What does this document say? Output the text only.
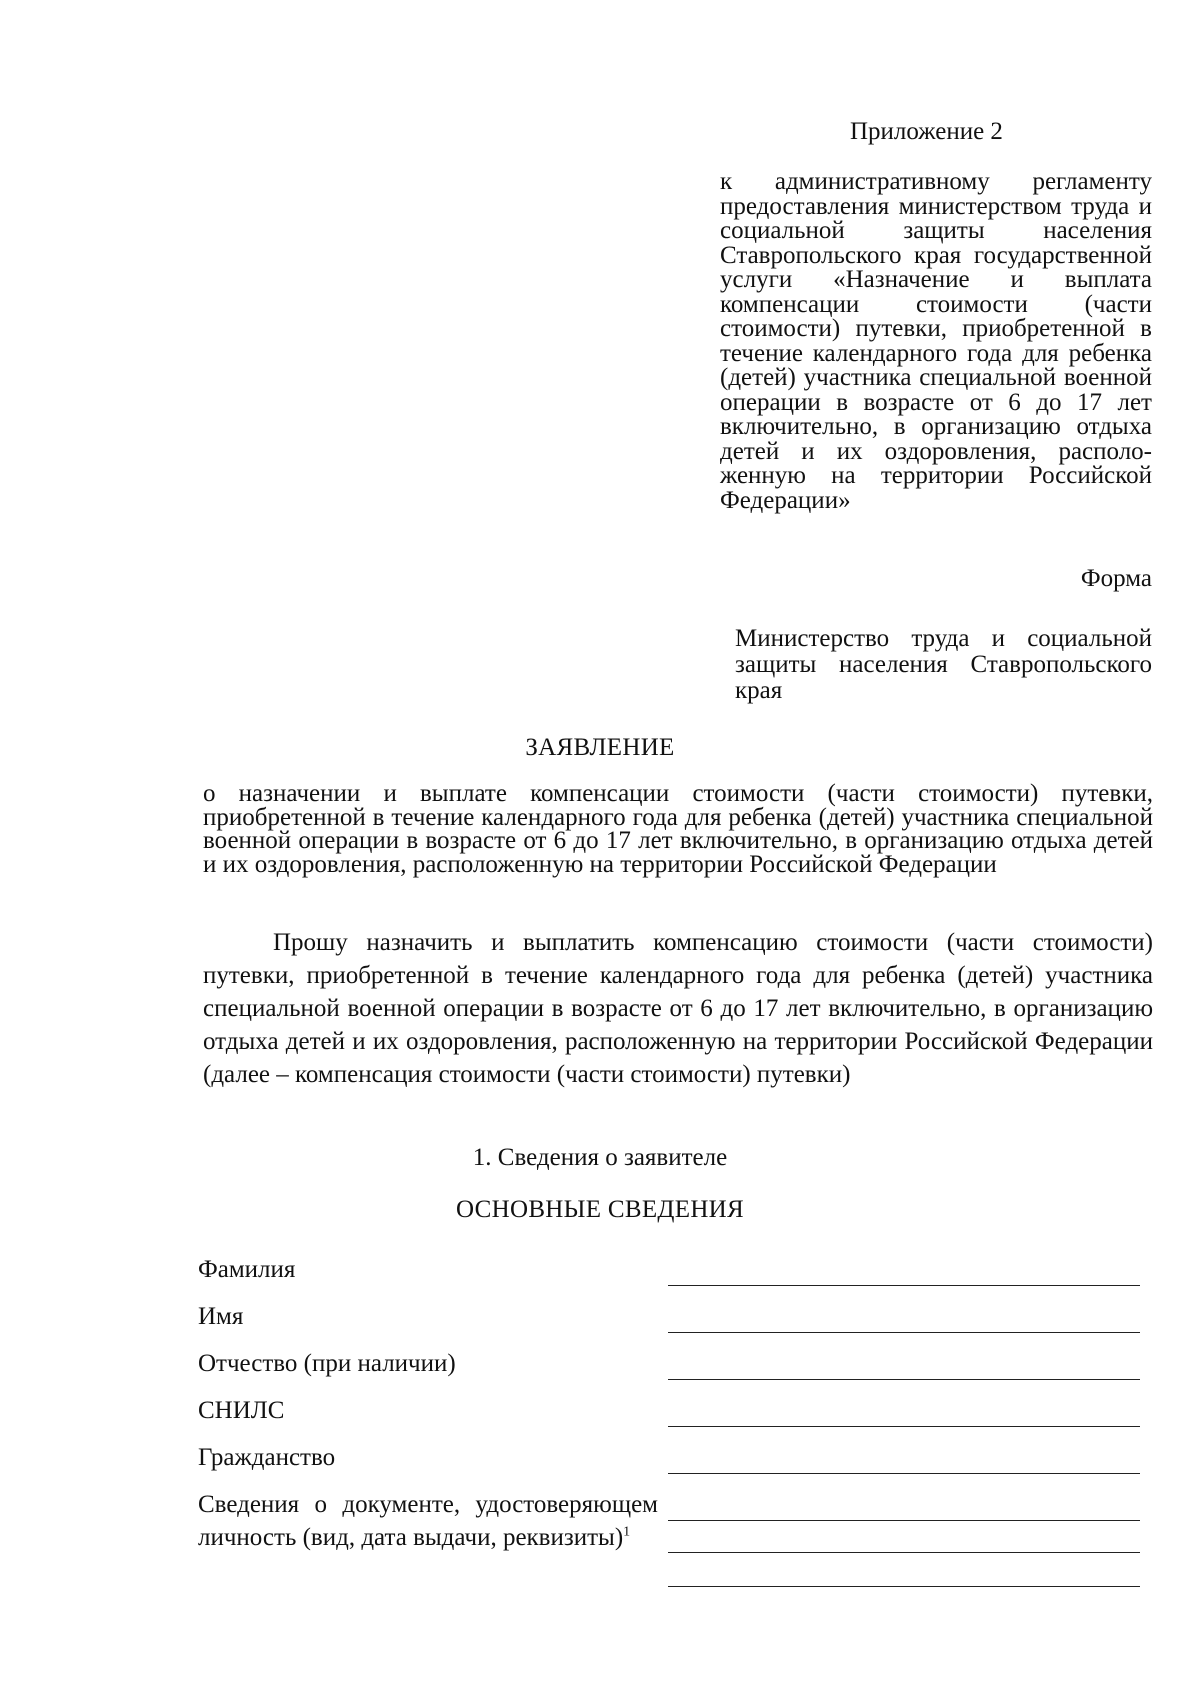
Приложение 2
к административному регламенту предоставления министерством труда и социальной защиты населения Ставропольского края государственной услуги «Назначение и выплата компенсации стоимости (части стоимости) путевки, приобретенной в течение календарного года для ребенка (детей) участника специальной военной операции в возрасте от 6 до 17 лет включительно, в организацию отдыха детей и их оздоровления, расположенную на территории Российской Федерации»
Форма
Министерство труда и социальной защиты населения Ставропольского края
ЗАЯВЛЕНИЕ
о назначении и выплате компенсации стоимости (части стоимости) путевки, приобретенной в течение календарного года для ребенка (детей) участника специальной военной операции в возрасте от 6 до 17 лет включительно, в организацию отдыха детей и их оздоровления, расположенную на территории Российской Федерации
Прошу назначить и выплатить компенсацию стоимости (части стоимости) путевки, приобретенной в течение календарного года для ребенка (детей) участника специальной военной операции в возрасте от 6 до 17 лет включительно, в организацию отдыха детей и их оздоровления, расположенную на территории Российской Федерации (далее – компенсация стоимости (части стоимости) путевки)
1. Сведения о заявителе
ОСНОВНЫЕ СВЕДЕНИЯ
Фамилия
Имя
Отчество (при наличии)
СНИЛС
Гражданство
Сведения о документе, удостоверяющем личность (вид, дата выдачи, реквизиты)$^1$
